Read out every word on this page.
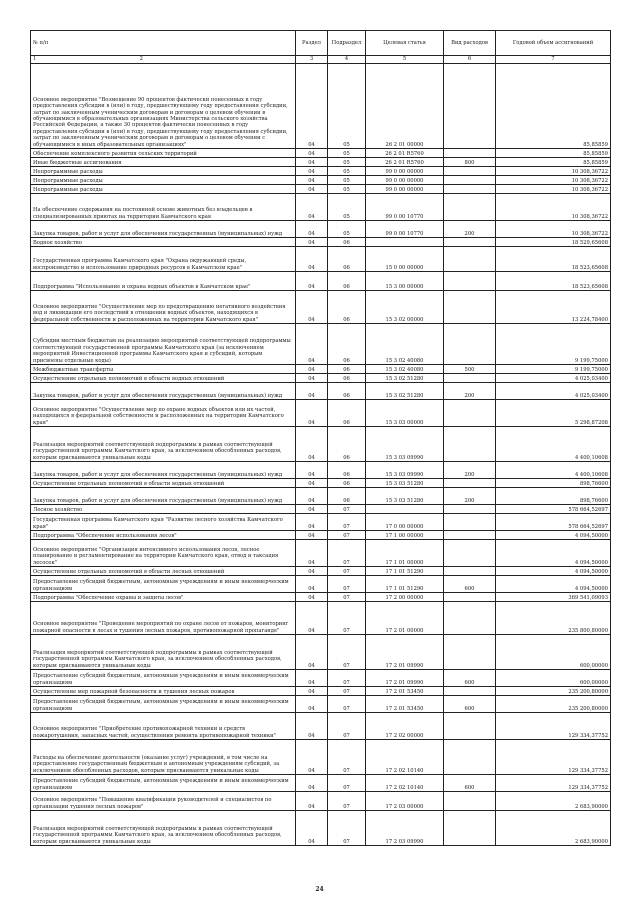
№ п/п	Раздел	Подраздел	Целевая статья	Вид расходов	Годовой объем ассигнований
1 2	3	4	5	6	7
Основное мероприятие "Возмещение 90 процентов фактически понесенных в году предоставления субсидии в (или) в году, предшествующему году предоставления субсидии, затрат по заключенным ученическим договорам и договорам о целевом обучении в обучающимися в образовательных организациях Министерства сельского хозяйства Российской Федерации, а также 30 процентов фактически понесенных в году предоставления субсидии в (или) в году, предшествующему году предоставления субсидии, затрат по заключенным ученическим договорам и договорам о целевом обучении с обучающимися в иных образовательных организациях"	04	05	26 2 01 00000		85,85859
Обеспечение комплексного развития сельских территорий	04	05	26 2 01 R5760		85,85859
Иные бюджетные ассигнования	04	05	26 2 01 R5760	800	85,85859
Непрограммные расходы	04	05	99 0 00 00000		10 308,36722
Непрограммные расходы	04	05	99 0 00 00000		10 308,36722
Непрограммные расходы	04	05	99 0 00 00000		10 308,36722
На обеспечение содержания на постоянной основе животных без владельцев в специализированных приютах на территории Камчатского края	04	05	99 0 00 10770		10 308,36722
Закупка товаров, работ и услуг для обеспечения государственных (муниципальных) нужд	04	05	99 0 00 10770	200	10 308,36722
Водное хозяйство	04	06			18 529,65608
Государственная программа Камчатского края "Охрана окружающей среды, воспроизводство и использование природных ресурсов в Камчатском крае"	04	06	15 0 00 00000		18 523,65608
Подпрограмма "Использование и охрана водных объектов в Камчатском крае"	04	06	15 3 00 00000		18 523,65608
Основное мероприятие "Осуществление мер по предотвращению негативного воздействия вод и ликвидации его последствий в отношении водных объектов, находящихся в федеральной собственности и расположенных на территории Камчатского края"	04	06	15 3 02 00000		13 224,78400
Субсидии местным бюджетам на реализацию мероприятий соответствующей подпрограммы соответствующей государственной программы Камчатского края (за исключением мероприятий Инвестиционной программы Камчатского края и субсидий, которым присвоены отдельные коды)	04	06	15 3 02 40080		9 199,75000
Межбюджетные трансферты	04	06	15 3 02 40080	500	9 199,75000
Осуществление отдельных полномочий в области водных отношений	04	06	15 3 02 51280		4 025,03400
Закупка товаров, работ и услуг для обеспечения государственных (муниципальных) нужд	04	06	15 3 02 51280	200	4 025,03400
Основное мероприятие "Осуществление мер по охране водных объектов или их частей, находящихся в федеральной собственности и расположенных на территории Камчатского края"	04	06	15 3 03 00000		5 298,87208
Реализация мероприятий соответствующей подпрограммы в рамках соответствующей государственной программы Камчатского края, за исключением обособленных расходов, которым присваиваются уникальные коды	04	06	15 3 03 09990		4 400,10608
Закупка товаров, работ и услуг для обеспечения государственных (муниципальных) нужд	04	06	15 3 03 09990	200	4 400,10608
Осуществление отдельных полномочий в области водных отношений	04	06	15 3 03 51280		898,76600
Закупка товаров, работ и услуг для обеспечения государственных (муниципальных) нужд	04	06	15 3 03 51280	200	898,76600
Лесное хозяйство	04	07			578 664,52697
Государственная программа Камчатского края "Развитие лесного хозяйства Камчатского края"	04	07	17 0 00 00000		578 664,52697
Подпрограмма "Обеспечение использования лесов"	04	07	17 1 00 00000		4 094,50000
Основное мероприятие "Организация интенсивного использования лесов, лесное планирование и регламентирование на территории Камчатского края, отвод и таксация лесосек"	04	07	17 1 01 00000		4 094,50000
Осуществление отдельных полномочий в области лесных отношений	04	07	17 1 01 51290		4 094,50000
Предоставление субсидий бюджетным, автономным учреждениям и иным некоммерческим организациям	04	07	17 1 01 51290	600	4 094,50000
Подпрограмма "Обеспечение охраны и защиты лесов"	04	07	17 2 00 00000		369 541,09093
Основное мероприятие "Проведение мероприятий по охране лесов от пожаров, мониторинг пожарной опасности в лесах и тушения лесных пожаров, противопожарной пропаганде"	04	07	17 2 01 00000		235 800,80000
Реализация мероприятий соответствующей подпрограммы в рамках соответствующей государственной программы Камчатского края, за исключением обособленных расходов, которым присваиваются уникальные коды	04	07	17 2 01 09990		600,00000
Предоставление субсидий бюджетным, автономным учреждениям и иным некоммерческим организациям	04	07	17 2 01 09990	600	600,00000
Осуществление мер пожарной безопасности и тушения лесных пожаров	04	07	17 2 01 53450		235 200,80000
Предоставление субсидий бюджетным, автономным учреждениям и иным некоммерческим организациям	04	07	17 2 01 53450	600	235 200,80000
Основное мероприятие "Приобретение противопожарной техники и средств пожаротушения, запасных частей, осуществления ремонта противопожарной техники"	04	07	17 2 02 00000		129 334,37752
Расходы на обеспечение деятельности (оказание услуг) учреждений, в том числе на предоставление государственным бюджетным и автономным учреждениям субсидий, за исключением обособленных расходов, которым присваиваются уникальные коды	04	07	17 2 02 10140		129 334,37752
Предоставление субсидий бюджетным, автономным учреждениям и иным некоммерческим организациям	04	07	17 2 02 10140	600	129 334,37752
Основное мероприятие "Повышение квалификации руководителей и специалистов по организации тушения лесных пожаров"	04	07	17 2 03 00000		2 683,90000
Реализация мероприятий соответствующей подпрограммы в рамках соответствующей государственной программы Камчатского края, за исключением обособленных расходов, которым присваиваются уникальные коды	04	07	17 2 03 09990		2 683,90000
24
